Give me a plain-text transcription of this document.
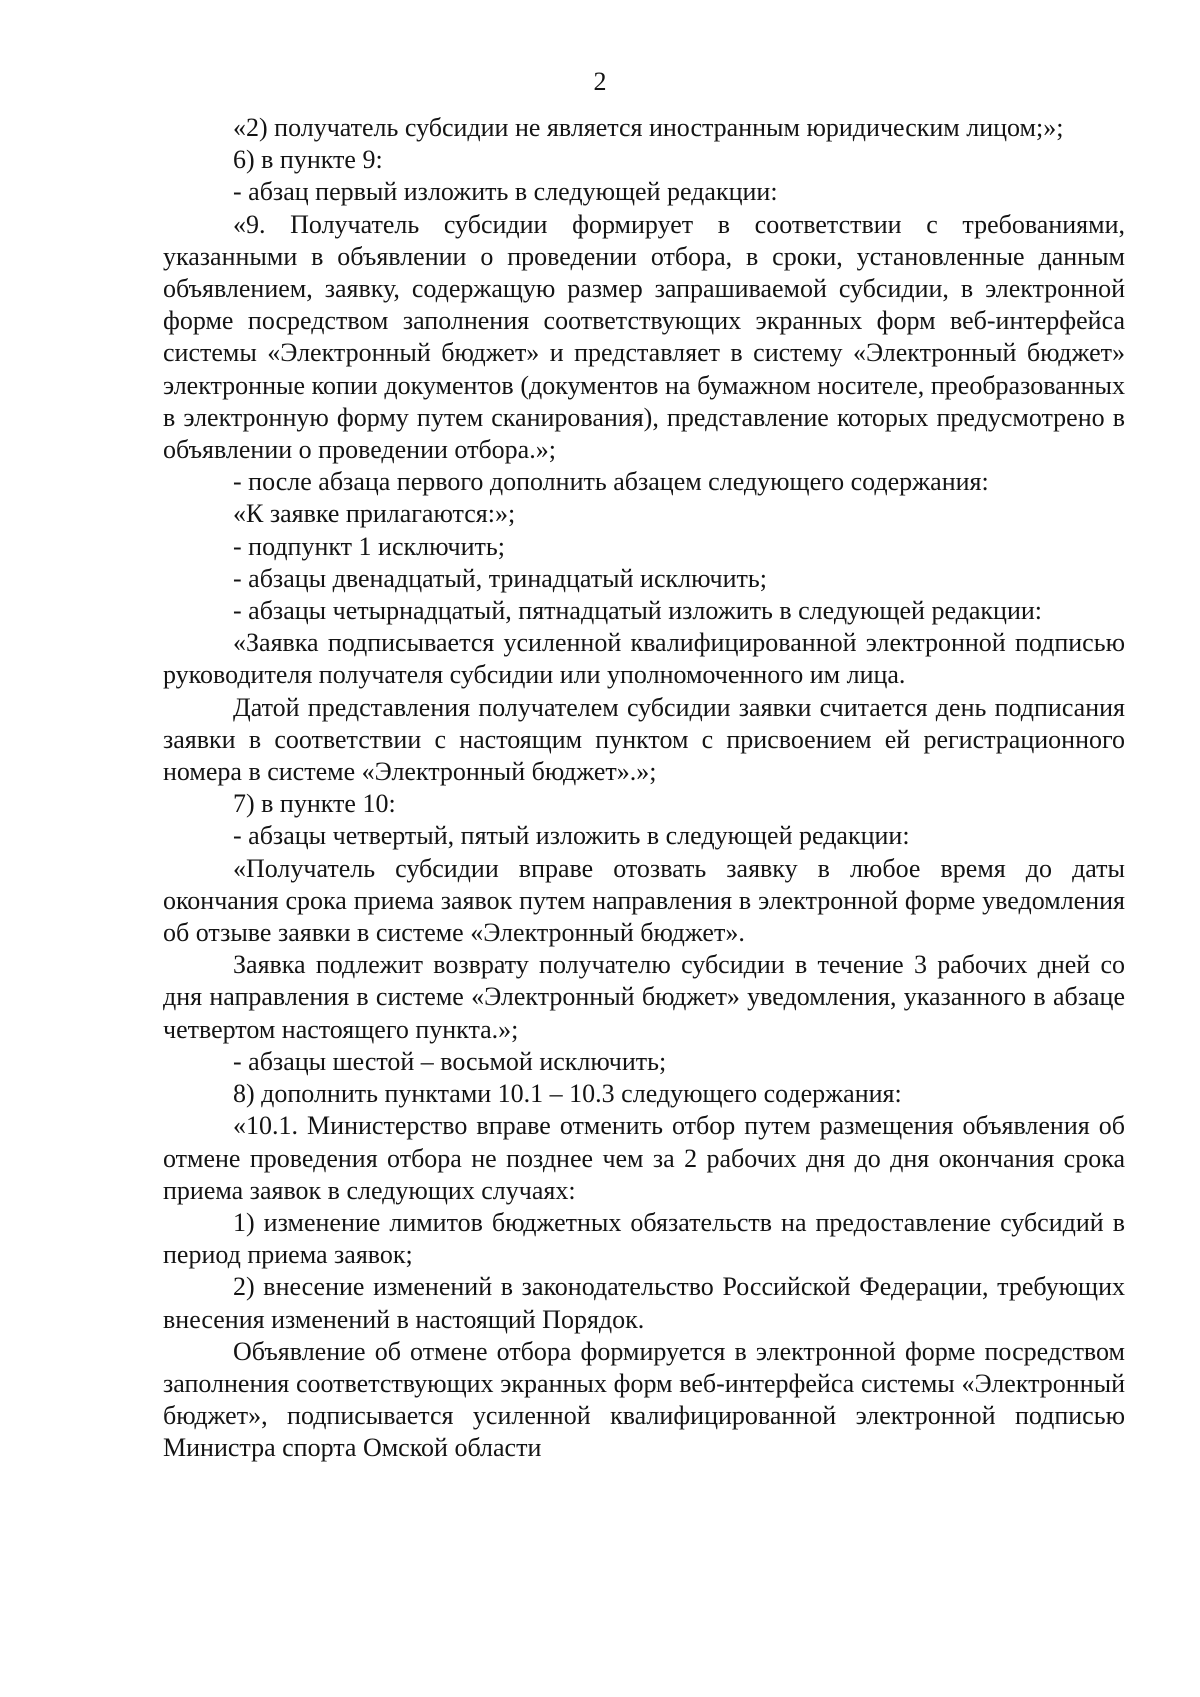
2

«2) получатель субсидии не является иностранным юридическим лицом;»;

6) в пункте 9:

- абзац первый изложить в следующей редакции:

«9. Получатель субсидии формирует в соответствии с требованиями, указанными в объявлении о проведении отбора, в сроки, установленные данным объявлением, заявку, содержащую размер запрашиваемой субсидии, в электронной форме посредством заполнения соответствующих экранных форм веб-интерфейса системы «Электронный бюджет» и представляет в систему «Электронный бюджет» электронные копии документов (документов на бумажном носителе, преобразованных в электронную форму путем сканирования), представление которых предусмотрено в объявлении о проведении отбора.»;

- после абзаца первого дополнить абзацем следующего содержания:

«К заявке прилагаются:»;

- подпункт 1 исключить;

- абзацы двенадцатый, тринадцатый исключить;

- абзацы четырнадцатый, пятнадцатый изложить в следующей редакции:

«Заявка подписывается усиленной квалифицированной электронной подписью руководителя получателя субсидии или уполномоченного им лица.

Датой представления получателем субсидии заявки считается день подписания заявки в соответствии с настоящим пунктом с присвоением ей регистрационного номера в системе «Электронный бюджет».»;

7) в пункте 10:

- абзацы четвертый, пятый изложить в следующей редакции:

«Получатель субсидии вправе отозвать заявку в любое время до даты окончания срока приема заявок путем направления в электронной форме уведомления об отзыве заявки в системе «Электронный бюджет».

Заявка подлежит возврату получателю субсидии в течение 3 рабочих дней со дня направления в системе «Электронный бюджет» уведомления, указанного в абзаце четвертом настоящего пункта.»;

- абзацы шестой – восьмой исключить;

8) дополнить пунктами 10.1 – 10.3 следующего содержания:

«10.1. Министерство вправе отменить отбор путем размещения объявления об отмене проведения отбора не позднее чем за 2 рабочих дня до дня окончания срока приема заявок в следующих случаях:

1) изменение лимитов бюджетных обязательств на предоставление субсидий в период приема заявок;

2) внесение изменений в законодательство Российской Федерации, требующих внесения изменений в настоящий Порядок.

Объявление об отмене отбора формируется в электронной форме посредством заполнения соответствующих экранных форм веб-интерфейса системы «Электронный бюджет», подписывается усиленной квалифицированной электронной подписью Министра спорта Омской области
